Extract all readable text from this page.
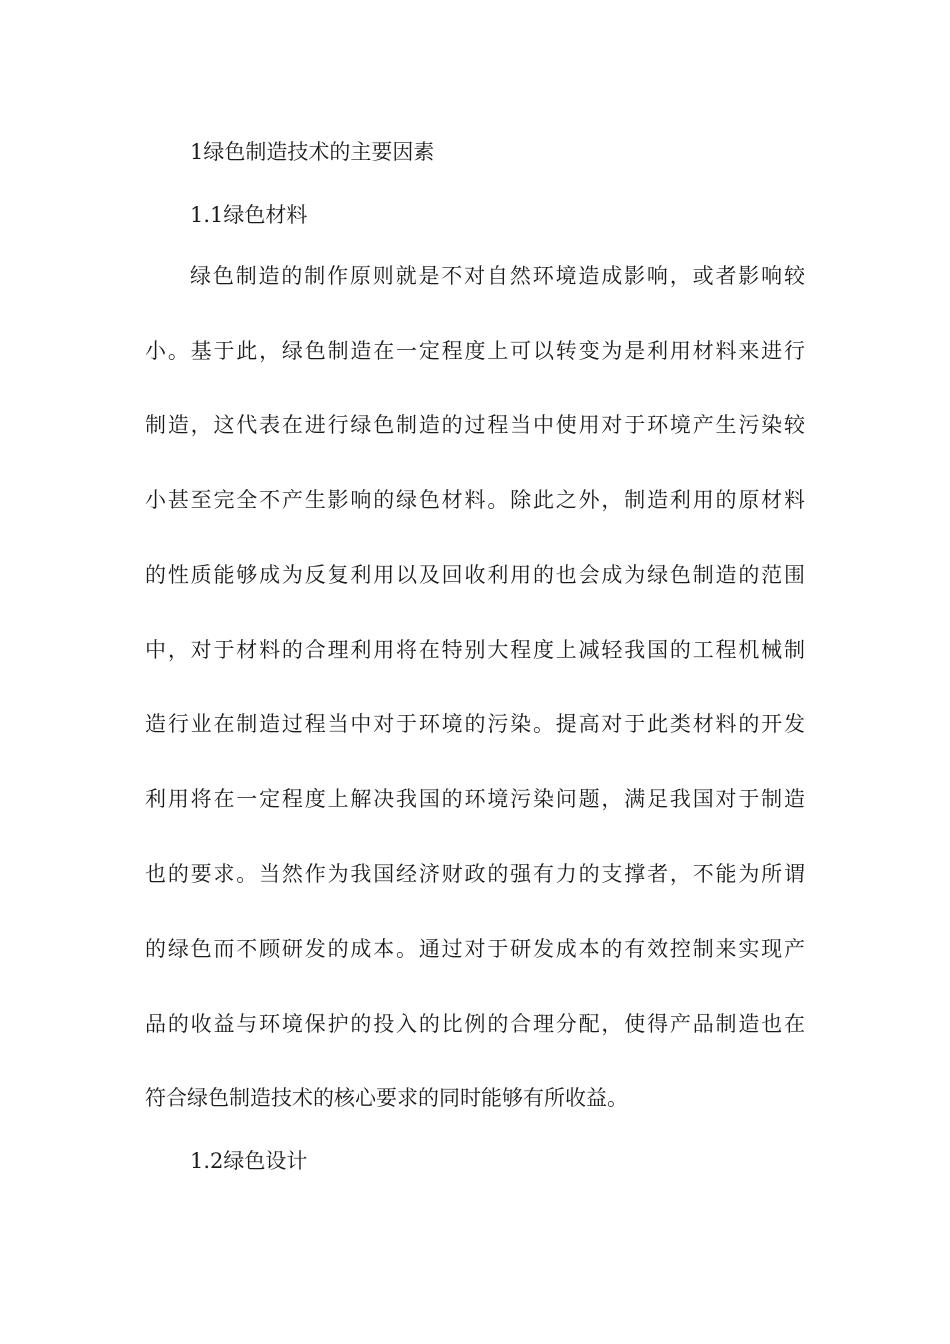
1绿色制造技术的主要因素
1.1绿色材料
绿色制造的制作原则就是不对自然环境造成影响，或者影响较
小。基于此，绿色制造在一定程度上可以转变为是利用材料来进行
制造，这代表在进行绿色制造的过程当中使用对于环境产生污染较
小甚至完全不产生影响的绿色材料。除此之外，制造利用的原材料
的性质能够成为反复利用以及回收利用的也会成为绿色制造的范围
中，对于材料的合理利用将在特别大程度上减轻我国的工程机械制
造行业在制造过程当中对于环境的污染。提高对于此类材料的开发
利用将在一定程度上解决我国的环境污染问题，满足我国对于制造
也的要求。当然作为我国经济财政的强有力的支撑者，不能为所谓
的绿色而不顾研发的成本。通过对于研发成本的有效控制来实现产
品的收益与环境保护的投入的比例的合理分配，使得产品制造也在
符合绿色制造技术的核心要求的同时能够有所收益。
1.2绿色设计
